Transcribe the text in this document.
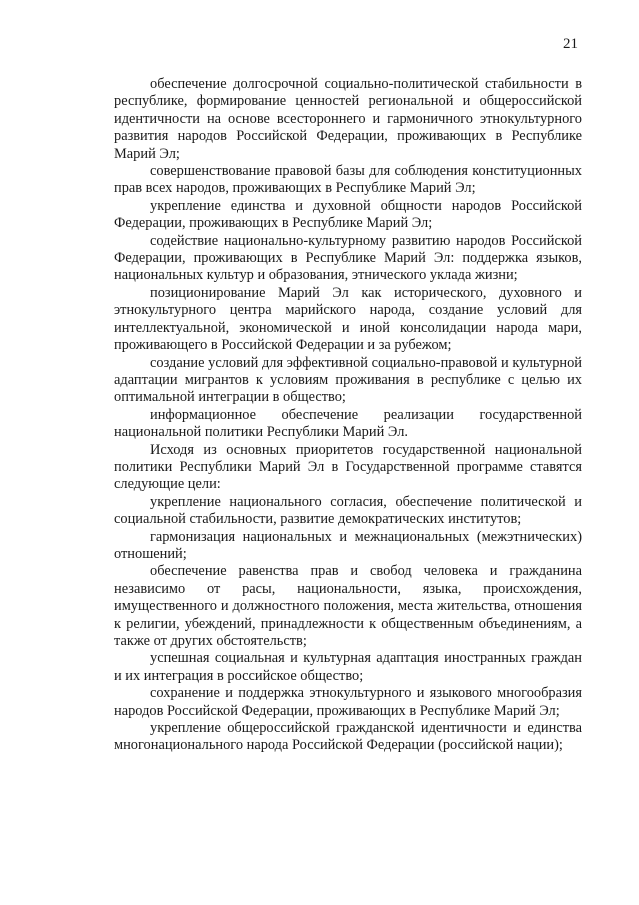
21

обеспечение долгосрочной социально-политической стабильности в республике, формирование ценностей региональной и общероссийской идентичности на основе всестороннего и гармоничного этнокультурного развития народов Российской Федерации, проживающих в Республике Марий Эл;

совершенствование правовой базы для соблюдения конституционных прав всех народов, проживающих в Республике Марий Эл;

укрепление единства и духовной общности народов Российской Федерации, проживающих в Республике Марий Эл;

содействие национально-культурному развитию народов Российской Федерации, проживающих в Республике Марий Эл: поддержка языков, национальных культур и образования, этнического уклада жизни;

позиционирование Марий Эл как исторического, духовного и этнокультурного центра марийского народа, создание условий для интеллектуальной, экономической и иной консолидации народа мари, проживающего в Российской Федерации и за рубежом;

создание условий для эффективной социально-правовой и культурной адаптации мигрантов к условиям проживания в республике с целью их оптимальной интеграции в общество;

информационное обеспечение реализации государственной национальной политики Республики Марий Эл.

Исходя из основных приоритетов государственной национальной политики Республики Марий Эл в Государственной программе ставятся следующие цели:

укрепление национального согласия, обеспечение политической и социальной стабильности, развитие демократических институтов;

гармонизация национальных и межнациональных (межэтнических) отношений;

обеспечение равенства прав и свобод человека и гражданина независимо от расы, национальности, языка, происхождения, имущественного и должностного положения, места жительства, отношения к религии, убеждений, принадлежности к общественным объединениям, а также от других обстоятельств;

успешная социальная и культурная адаптация иностранных граждан и их интеграция в российское общество;

сохранение и поддержка этнокультурного и языкового многообразия народов Российской Федерации, проживающих в Республике Марий Эл;

укрепление общероссийской гражданской идентичности и единства многонационального народа Российской Федерации (российской нации);
